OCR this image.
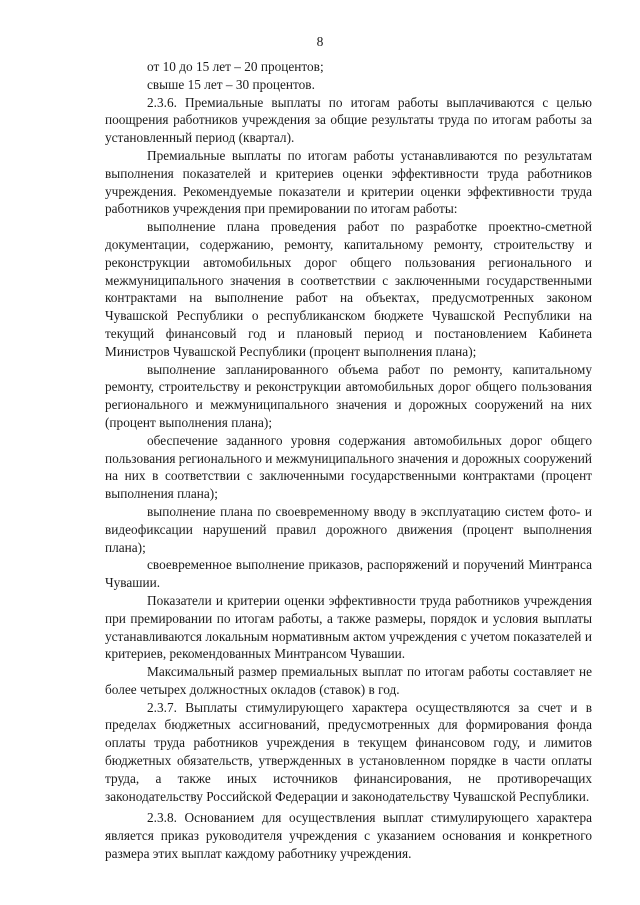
8

от 10 до 15 лет – 20 процентов;

свыше 15 лет – 30 процентов.

2.3.6. Премиальные выплаты по итогам работы выплачиваются с целью поощрения работников учреждения за общие результаты труда по итогам работы за установленный период (квартал).

Премиальные выплаты по итогам работы устанавливаются по результатам выполнения показателей и критериев оценки эффективности труда работников учреждения. Рекомендуемые показатели и критерии оценки эффективности труда работников учреждения при премировании по итогам работы:

выполнение плана проведения работ по разработке проектно-сметной документации, содержанию, ремонту, капитальному ремонту, строительству и реконструкции автомобильных дорог общего пользования регионального и межмуниципального значения в соответствии с заключенными государственными контрактами на выполнение работ на объектах, предусмотренных законом Чувашской Республики о республиканском бюджете Чувашской Республики на текущий финансовый год и плановый период и постановлением Кабинета Министров Чувашской Республики (процент выполнения плана);

выполнение запланированного объема работ по ремонту, капитальному ремонту, строительству и реконструкции автомобильных дорог общего пользования регионального и межмуниципального значения и дорожных сооружений на них (процент выполнения плана);

обеспечение заданного уровня содержания автомобильных дорог общего пользования регионального и межмуниципального значения и дорожных сооружений на них в соответствии с заключенными государственными контрактами (процент выполнения плана);

выполнение плана по своевременному вводу в эксплуатацию систем фото- и видеофиксации нарушений правил дорожного движения (процент выполнения плана);

своевременное выполнение приказов, распоряжений и поручений Минтранса Чувашии.

Показатели и критерии оценки эффективности труда работников учреждения при премировании по итогам работы, а также размеры, порядок и условия выплаты устанавливаются локальным нормативным актом учреждения с учетом показателей и критериев, рекомендованных Минтрансом Чувашии.

Максимальный размер премиальных выплат по итогам работы составляет не более четырех должностных окладов (ставок) в год.

2.3.7. Выплаты стимулирующего характера осуществляются за счет и в пределах бюджетных ассигнований, предусмотренных для формирования фонда оплаты труда работников учреждения в текущем финансовом году, и лимитов бюджетных обязательств, утвержденных в установленном порядке в части оплаты труда, а также иных источников финансирования, не противоречащих законодательству Российской Федерации и законодательству Чувашской Республики.

2.3.8. Основанием для осуществления выплат стимулирующего характера является приказ руководителя учреждения с указанием основания и конкретного размера этих выплат каждому работнику учреждения.
